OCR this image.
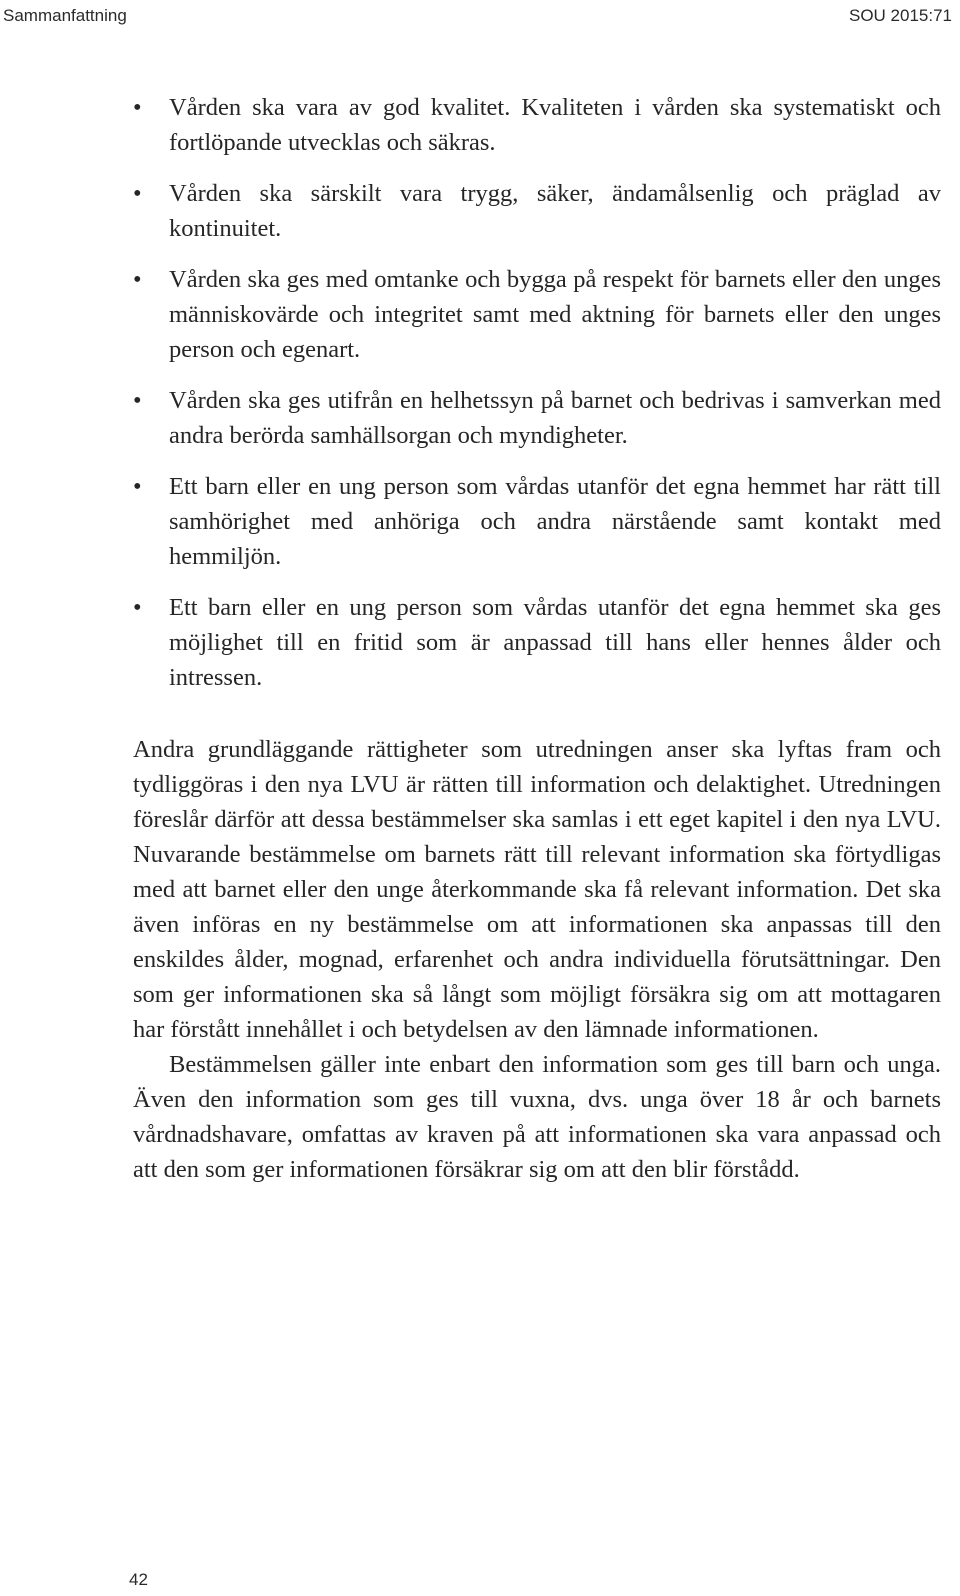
Sammanfattning	SOU 2015:71
•	Vården ska vara av god kvalitet. Kvaliteten i vården ska systematiskt och fortlöpande utvecklas och säkras.
•	Vården ska särskilt vara trygg, säker, ändamålsenlig och präglad av kontinuitet.
•	Vården ska ges med omtanke och bygga på respekt för barnets eller den unges människovärde och integritet samt med aktning för barnets eller den unges person och egenart.
•	Vården ska ges utifrån en helhetssyn på barnet och bedrivas i samverkan med andra berörda samhällsorgan och myndigheter.
•	Ett barn eller en ung person som vårdas utanför det egna hemmet har rätt till samhörighet med anhöriga och andra närstående samt kontakt med hemmiljön.
•	Ett barn eller en ung person som vårdas utanför det egna hemmet ska ges möjlighet till en fritid som är anpassad till hans eller hennes ålder och intressen.

Andra grundläggande rättigheter som utredningen anser ska lyftas fram och tydliggöras i den nya LVU är rätten till information och delaktighet. Utredningen föreslår därför att dessa bestämmelser ska samlas i ett eget kapitel i den nya LVU. Nuvarande bestämmelse om barnets rätt till relevant information ska förtydligas med att barnet eller den unge återkommande ska få relevant information. Det ska även införas en ny bestämmelse om att informationen ska anpassas till den enskildes ålder, mognad, erfarenhet och andra individuella förutsättningar. Den som ger informationen ska så långt som möjligt försäkra sig om att mottagaren har förstått innehållet i och betydelsen av den lämnade informationen.

Bestämmelsen gäller inte enbart den information som ges till barn och unga. Även den information som ges till vuxna, dvs. unga över 18 år och barnets vårdnadshavare, omfattas av kraven på att informationen ska vara anpassad och att den som ger informationen försäkrar sig om att den blir förstådd.

42
